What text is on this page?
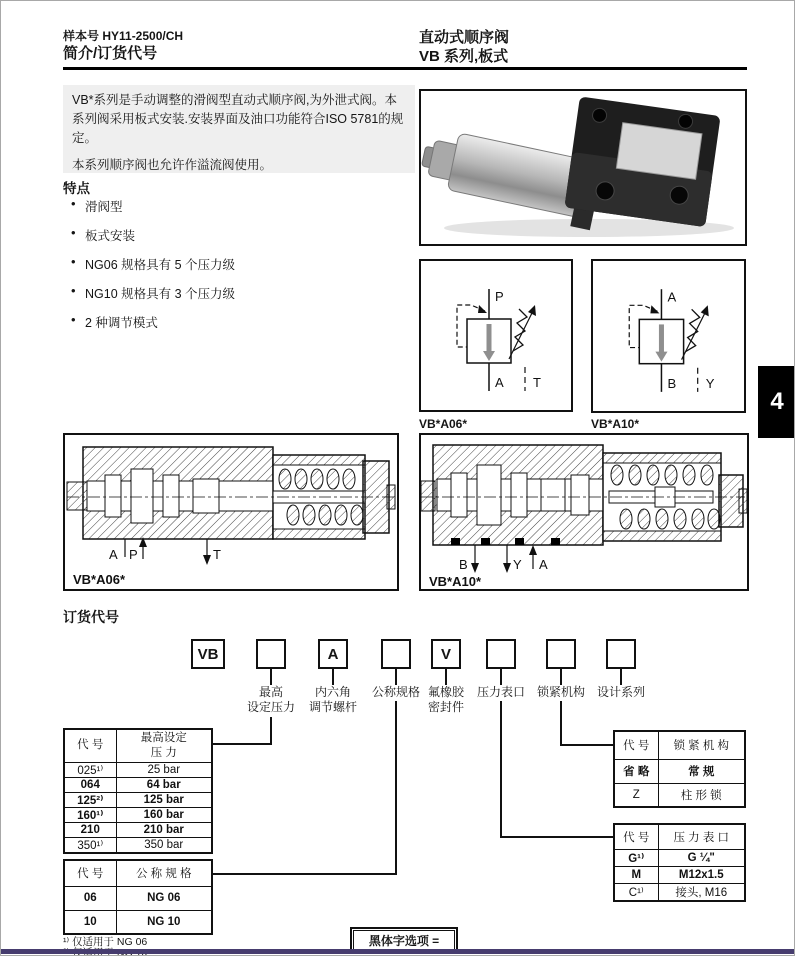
样本号 HY11-2500/CH
简介/订货代号
直动式顺序阀
VB 系列,板式
VB*系列是手动调整的滑阀型直动式顺序阀,为外泄式阀。本系列阀采用板式安装.安装界面及油口功能符合ISO 5781的规定。
本系列顺序阀也允许作溢流阀使用。
特点
• 滑阀型
• 板式安装
• NG06 规格具有 5 个压力级
• NG10 规格具有 3 个压力级
• 2 种调节模式
P
A T
A
B Y
VB*A06*	VB*A10*
4
A P	T
VB*A06*
B	Y A
VB*A10*
订货代号
VB	A	V
最高
设定压力
内六角
调节螺杆
公称规格 氟橡胶
密封件
压力表口 锁紧机构 设计系列
代 号	最高设定
压 力

025¹⁾	25 bar
064	64 bar
125²⁾	125 bar
160¹⁾	160 bar
210	210 bar
350¹⁾	350 bar
代 号	公 称 规 格
06	NG 06
10	NG 10
代 号	锁 紧 机 构
省 略	常 规
Z	柱 形 锁
代 号	压 力 表 口
G¹⁾	G ¼"
M	M12x1.5
C¹⁾	接头, M16
¹⁾ 仅适用于 NG 06	黑体字选项 =
